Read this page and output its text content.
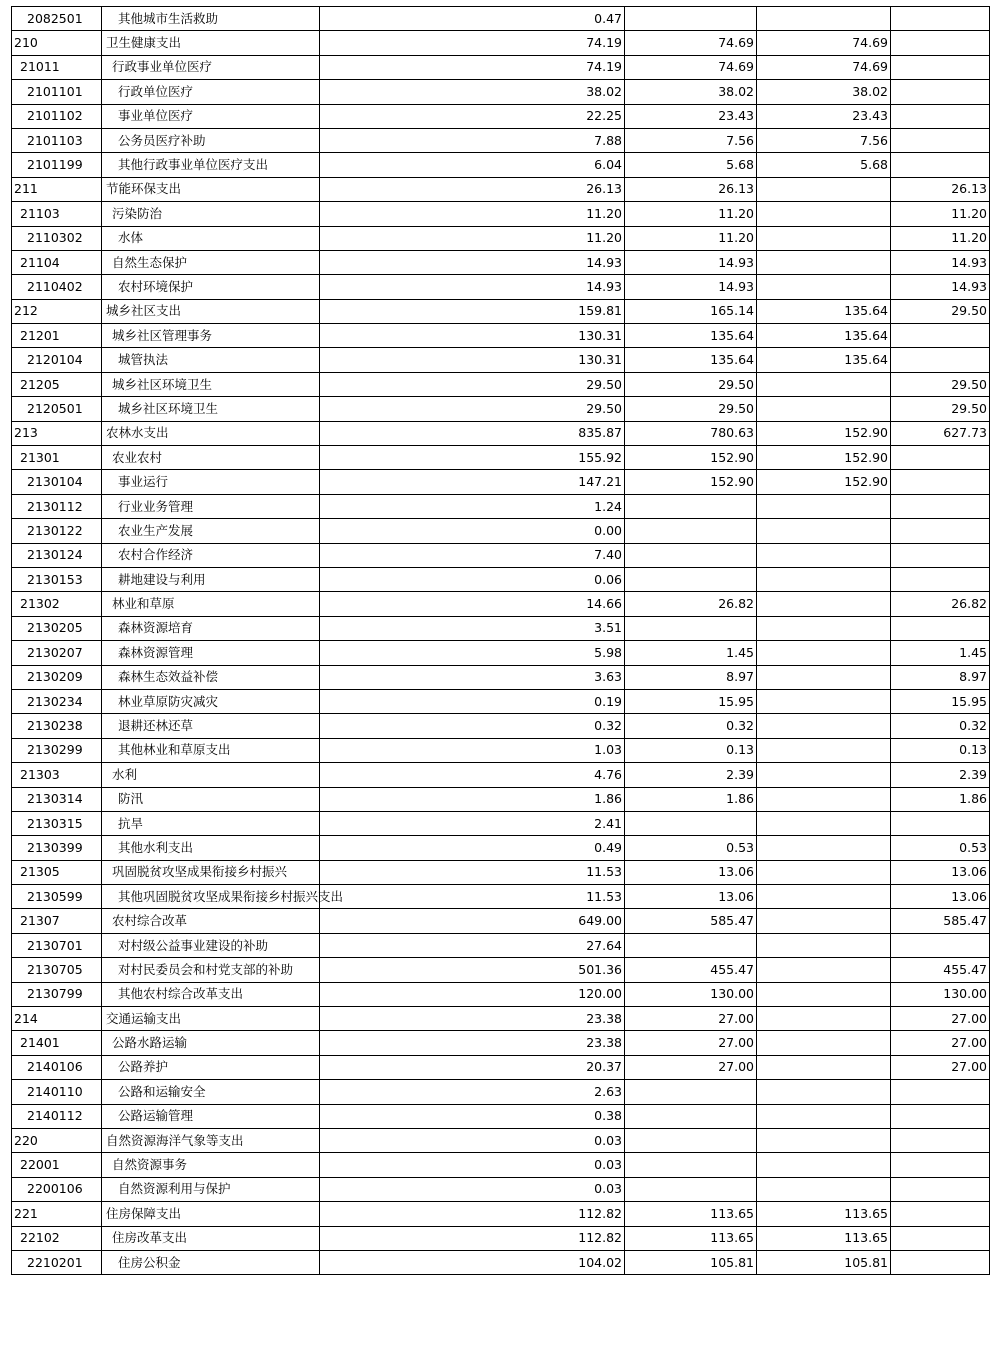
2082501	其他城市生活救助	0.47			
210	卫生健康支出	74.19	74.69	74.69	
21011	行政事业单位医疗	74.19	74.69	74.69	
2101101	行政单位医疗	38.02	38.02	38.02	
2101102	事业单位医疗	22.25	23.43	23.43	
2101103	公务员医疗补助	7.88	7.56	7.56	
2101199	其他行政事业单位医疗支出	6.04	5.68	5.68	
211	节能环保支出	26.13	26.13		26.13
21103	污染防治	11.20	11.20		11.20
2110302	水体	11.20	11.20		11.20
21104	自然生态保护	14.93	14.93		14.93
2110402	农村环境保护	14.93	14.93		14.93
212	城乡社区支出	159.81	165.14	135.64	29.50
21201	城乡社区管理事务	130.31	135.64	135.64	
2120104	城管执法	130.31	135.64	135.64	
21205	城乡社区环境卫生	29.50	29.50		29.50
2120501	城乡社区环境卫生	29.50	29.50		29.50
213	农林水支出	835.87	780.63	152.90	627.73
21301	农业农村	155.92	152.90	152.90	
2130104	事业运行	147.21	152.90	152.90	
2130112	行业业务管理	1.24			
2130122	农业生产发展	0.00			
2130124	农村合作经济	7.40			
2130153	耕地建设与利用	0.06			
21302	林业和草原	14.66	26.82		26.82
2130205	森林资源培育	3.51			
2130207	森林资源管理	5.98	1.45		1.45
2130209	森林生态效益补偿	3.63	8.97		8.97
2130234	林业草原防灾减灾	0.19	15.95		15.95
2130238	退耕还林还草	0.32	0.32		0.32
2130299	其他林业和草原支出	1.03	0.13		0.13
21303	水利	4.76	2.39		2.39
2130314	防汛	1.86	1.86		1.86
2130315	抗旱	2.41			
2130399	其他水利支出	0.49	0.53		0.53
21305	巩固脱贫攻坚成果衔接乡村振兴	11.53	13.06		13.06
2130599	其他巩固脱贫攻坚成果衔接乡村振兴支出	11.53	13.06		13.06
21307	农村综合改革	649.00	585.47		585.47
2130701	对村级公益事业建设的补助	27.64			
2130705	对村民委员会和村党支部的补助	501.36	455.47		455.47
2130799	其他农村综合改革支出	120.00	130.00		130.00
214	交通运输支出	23.38	27.00		27.00
21401	公路水路运输	23.38	27.00		27.00
2140106	公路养护	20.37	27.00		27.00
2140110	公路和运输安全	2.63			
2140112	公路运输管理	0.38			
220	自然资源海洋气象等支出	0.03			
22001	自然资源事务	0.03			
2200106	自然资源利用与保护	0.03			
221	住房保障支出	112.82	113.65	113.65	
22102	住房改革支出	112.82	113.65	113.65	
2210201	住房公积金	104.02	105.81	105.81	
